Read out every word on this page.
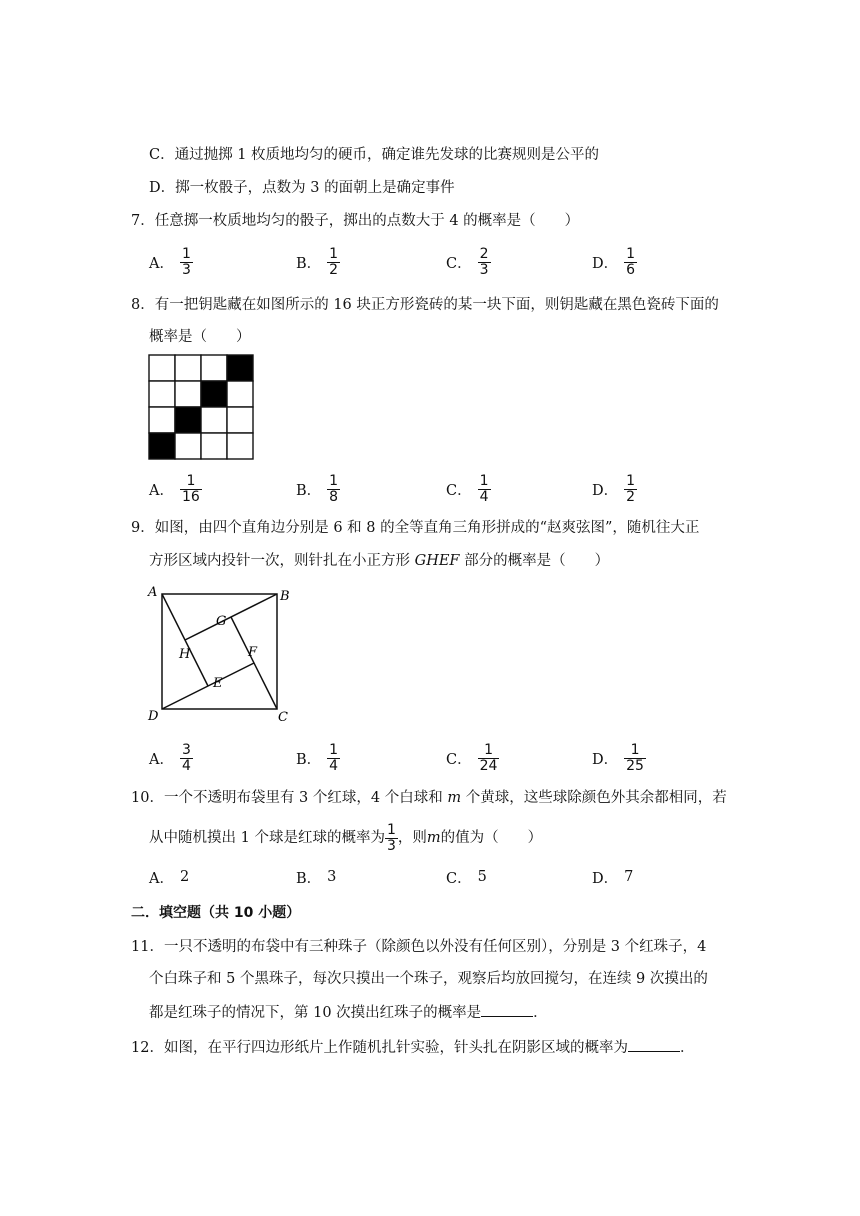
C．通过抛掷 1 枚质地均匀的硬币，确定谁先发球的比赛规则是公平的
D．掷一枚骰子，点数为 3 的面朝上是确定事件
7．任意掷一枚质地均匀的骰子，掷出的点数大于 4 的概率是（　　）
A． $\frac{1}{3}$	B． $\frac{1}{2}$	C． $\frac{2}{3}$	D． $\frac{1}{6}$
8．有一把钥匙藏在如图所示的 16 块正方形瓷砖的某一块下面，则钥匙藏在黑色瓷砖下面的
概率是（　　）
A． $\frac{1}{16}$	B． $\frac{1}{8}$	C． $\frac{1}{4}$	D． $\frac{1}{2}$
9．如图，由四个直角边分别是 6 和 8 的全等直角三角形拼成的“赵爽弦图”，随机往大正
方形区域内投针一次，则针扎在小正方形 GHEF 部分的概率是（　　）
A	B
C
D
G
H	F
E
A． $\frac{3}{4}$	B． $\frac{1}{4}$	C． $\frac{1}{24}$	D． $\frac{1}{25}$
10．一个不透明布袋里有 3 个红球，4 个白球和 m 个黄球，这些球除颜色外其余都相同，若
从中随机摸出 1 个球是红球的概率为 $\frac{1}{3}$ ，则 m 的值为（　　）
A． 2	B． 3	C． 5	D． 7
二．填空题（共 10 小题）
11．一只不透明的布袋中有三种珠子（除颜色以外没有任何区别），分别是 3 个红珠子，4
个白珠子和 5 个黑珠子，每次只摸出一个珠子，观察后均放回搅匀，在连续 9 次摸出的
都是红珠子的情况下，第 10 次摸出红珠子的概率是	．
12．如图，在平行四边形纸片上作随机扎针实验，针头扎在阴影区域的概率为	．
